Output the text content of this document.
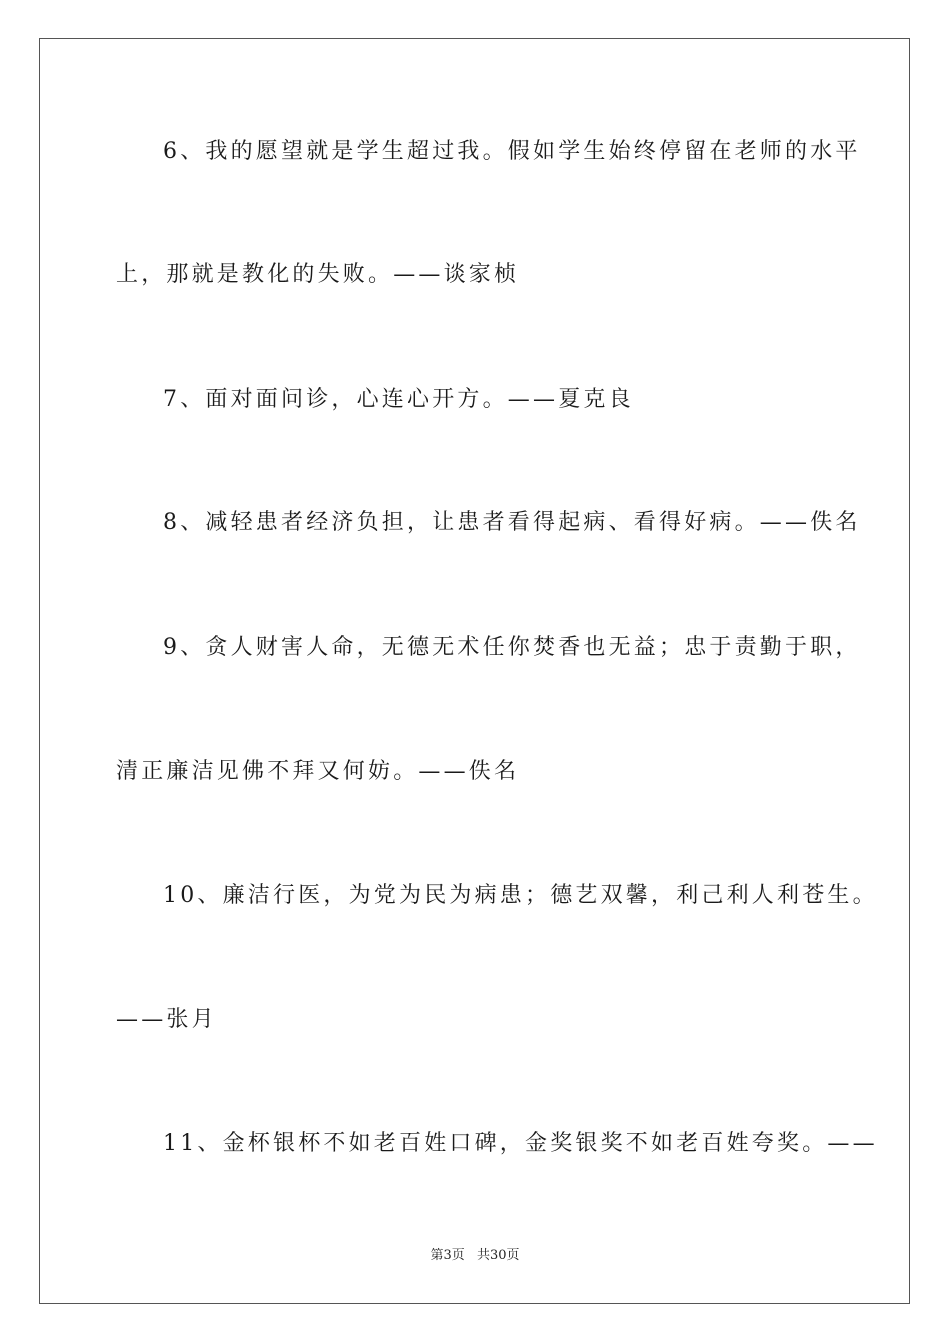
6、我的愿望就是学生超过我。假如学生始终停留在老师的水平
上，那就是教化的失败。——谈家桢
7、面对面问诊，心连心开方。——夏克良
8、减轻患者经济负担，让患者看得起病、看得好病。——佚名
9、贪人财害人命，无德无术任你焚香也无益；忠于责勤于职，
清正廉洁见佛不拜又何妨。——佚名
10、廉洁行医，为党为民为病患；德艺双馨，利己利人利苍生。
——张月
11、金杯银杯不如老百姓口碑，金奖银奖不如老百姓夸奖。——
第3页 共30页
